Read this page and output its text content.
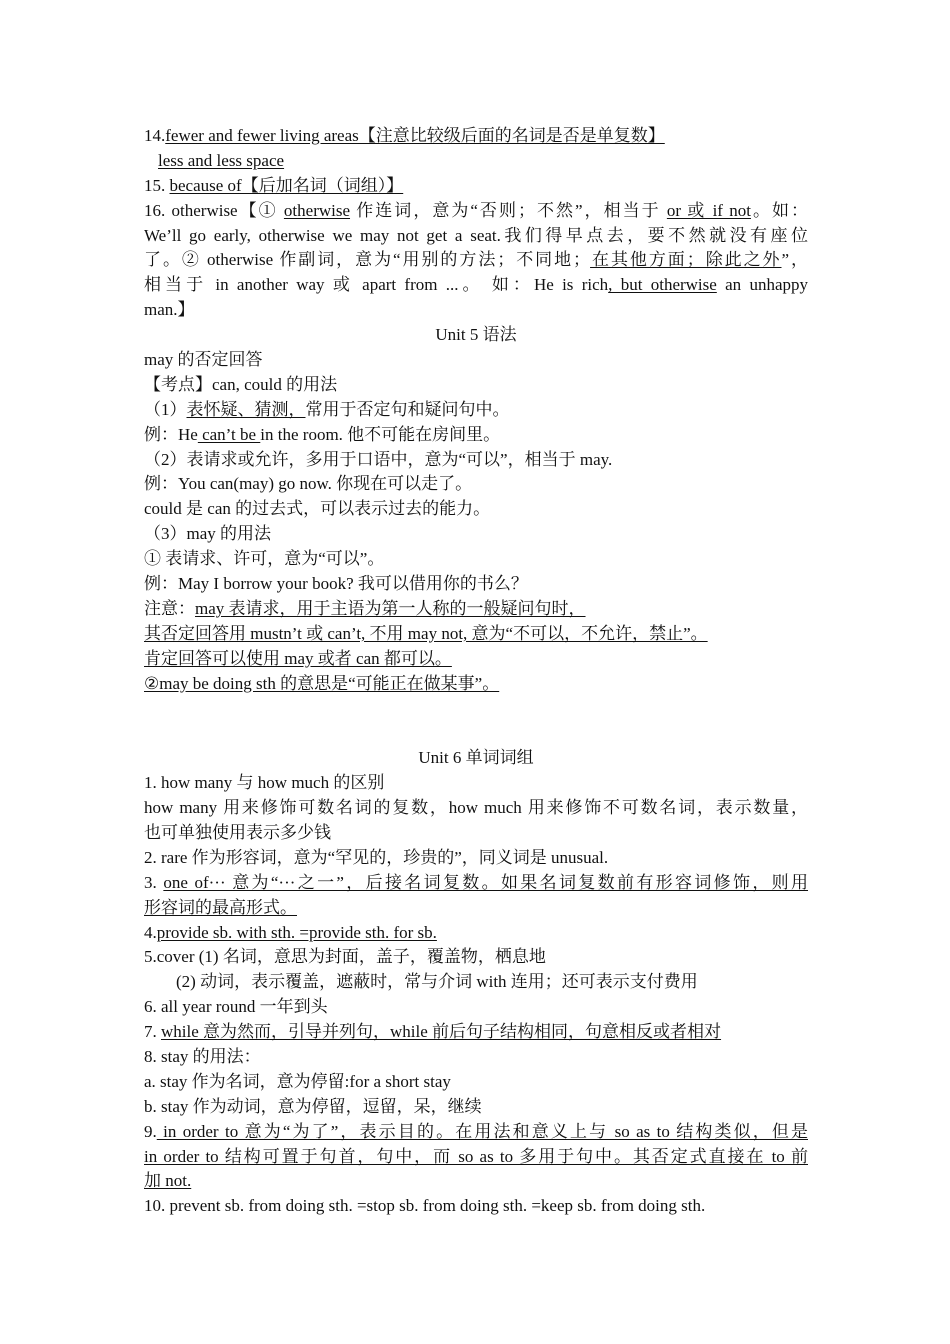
14.fewer and fewer living areas【注意比较级后面的名词是否是单复数】
less and less space
15. because of【后加名词（词组）】
16. otherwise【① otherwise 作连词，意为“否则；不然”，相当于 or 或 if not。如：
We’ll go early, otherwise we may not get a seat.我们得早点去，要不然就没有座位
了。② otherwise 作副词，意为“用别的方法；不同地；在其他方面；除此之外”，
相当于 in another way 或 apart from ...。 如：He is rich, but otherwise an unhappy
man.】
Unit 5 语法
may 的否定回答
【考点】can, could 的用法
（1）表怀疑、猜测，常用于否定句和疑问句中。
例：He can’t be in the room. 他不可能在房间里。
（2）表请求或允许，多用于口语中，意为“可以”，相当于 may.
例：You can(may) go now. 你现在可以走了。
could 是 can 的过去式，可以表示过去的能力。
（3）may 的用法
① 表请求、许可，意为“可以”。
例：May I borrow your book? 我可以借用你的书么？
注意：may 表请求，用于主语为第一人称的一般疑问句时，
其否定回答用 mustn’t 或 can’t, 不用 may not, 意为“不可以，不允许，禁止”。
肯定回答可以使用 may 或者 can 都可以。
②may be doing sth 的意思是“可能正在做某事”。
Unit 6 单词词组
1. how many 与 how much 的区别
how many 用来修饰可数名词的复数，how much 用来修饰不可数名词，表示数量，
也可单独使用表示多少钱
2. rare 作为形容词，意为“罕见的，珍贵的”，同义词是 unusual.
3. one of··· 意为“···之一”，后接名词复数。如果名词复数前有形容词修饰，则用
形容词的最高形式。
4.provide sb. with sth. =provide sth. for sb.
5.cover (1) 名词，意思为封面，盖子，覆盖物，栖息地
(2) 动词，表示覆盖，遮蔽时，常与介词 with 连用；还可表示支付费用
6. all year round 一年到头
7. while 意为然而，引导并列句，while 前后句子结构相同，句意相反或者相对
8. stay 的用法：
a. stay 作为名词，意为停留:for a short stay
b. stay 作为动词，意为停留，逗留，呆，继续
9. in order to 意为“为了”，表示目的。在用法和意义上与 so as to 结构类似，但是
in order to 结构可置于句首，句中，而 so as to 多用于句中。其否定式直接在 to 前
加 not.
10. prevent sb. from doing sth. =stop sb. from doing sth. =keep sb. from doing sth.
